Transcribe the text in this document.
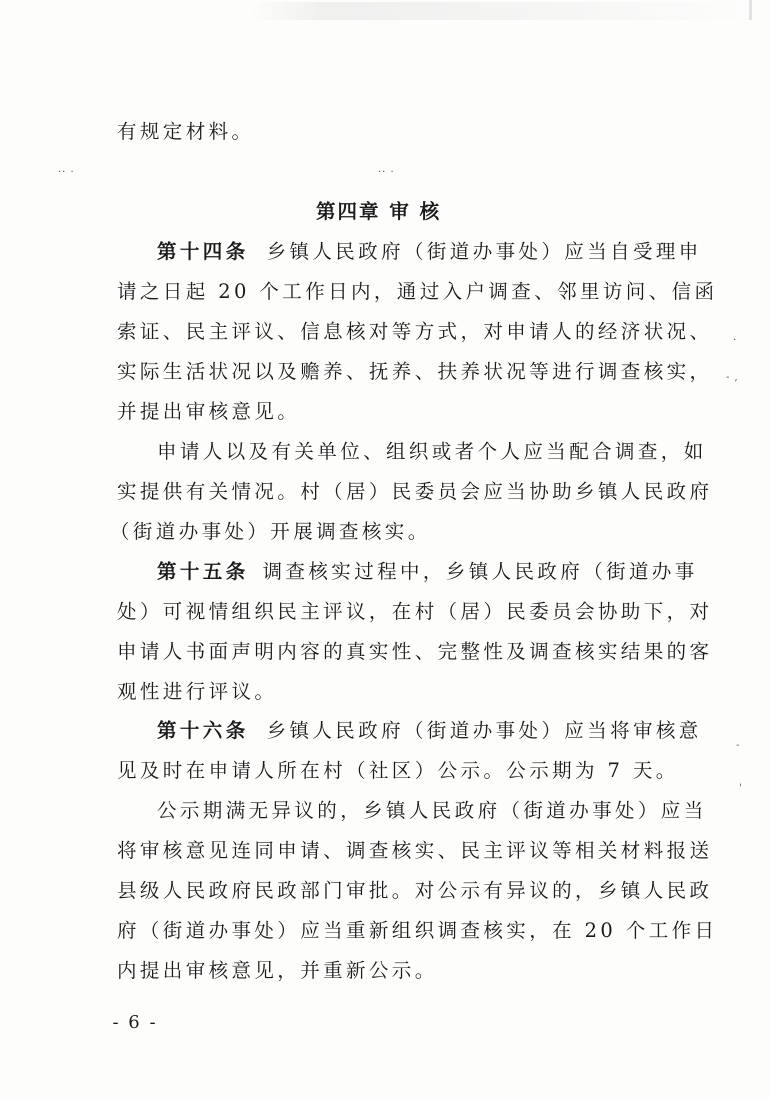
·· ·	·· ·
·
- ,
-
'
有规定材料。
第四章 审 核
第十四条 乡镇人民政府（街道办事处）应当自受理申
请之日起 20 个工作日内，通过入户调查、邻里访问、信函
索证、民主评议、信息核对等方式，对申请人的经济状况、
实际生活状况以及赡养、抚养、扶养状况等进行调查核实，
并提出审核意见。
申请人以及有关单位、组织或者个人应当配合调查，如
实提供有关情况。村（居）民委员会应当协助乡镇人民政府
（街道办事处）开展调查核实。
第十五条 调查核实过程中，乡镇人民政府（街道办事
处）可视情组织民主评议，在村（居）民委员会协助下，对
申请人书面声明内容的真实性、完整性及调查核实结果的客
观性进行评议。
第十六条 乡镇人民政府（街道办事处）应当将审核意
见及时在申请人所在村（社区）公示。公示期为 7 天。
公示期满无异议的，乡镇人民政府（街道办事处）应当
将审核意见连同申请、调查核实、民主评议等相关材料报送
县级人民政府民政部门审批。对公示有异议的，乡镇人民政
府（街道办事处）应当重新组织调查核实，在 20 个工作日
内提出审核意见，并重新公示。
- 6 -
